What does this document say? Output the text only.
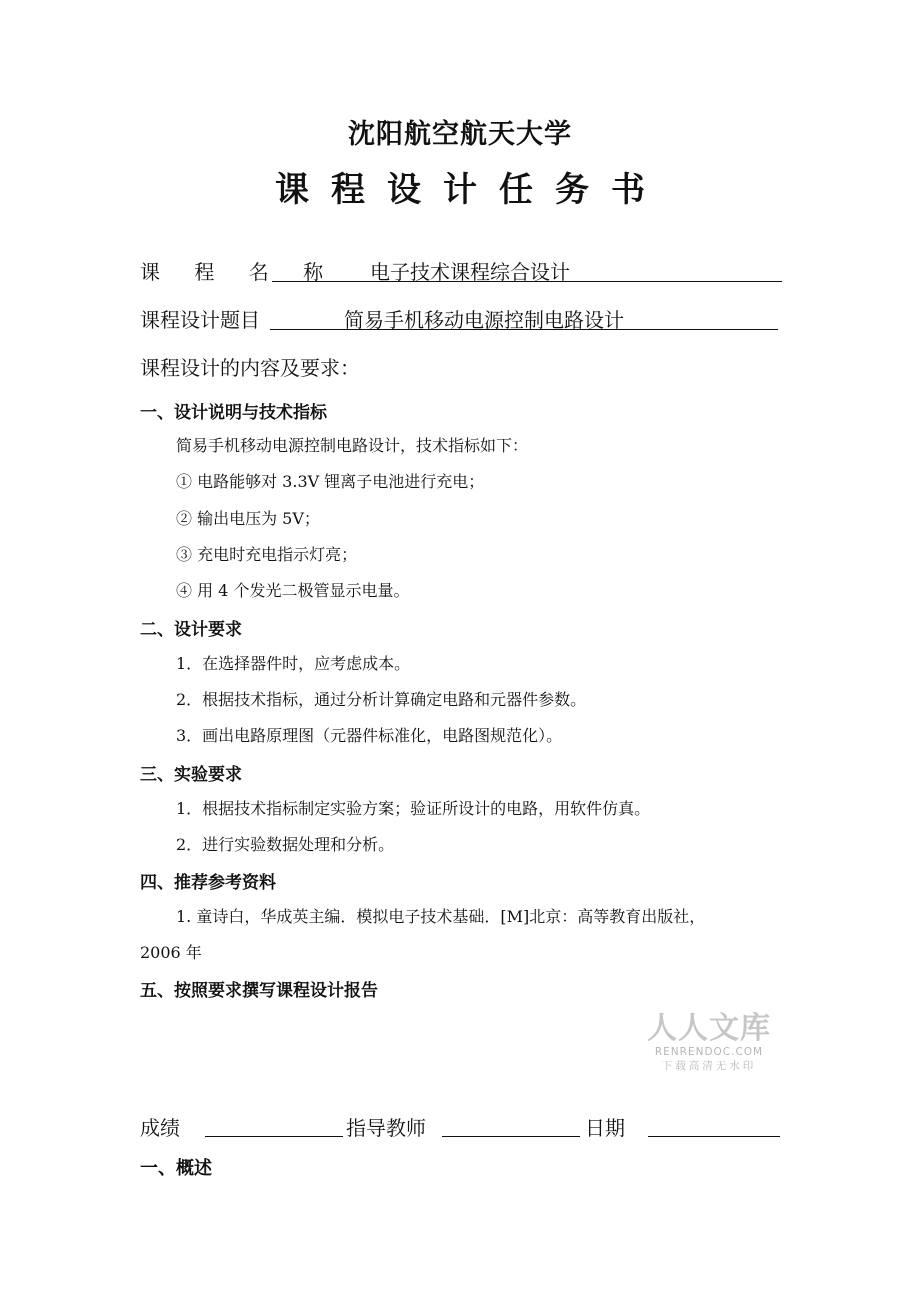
沈阳航空航天大学
课程设计任务书
课 程 名 称	电子技术课程综合设计
课程设计题目	简易手机移动电源控制电路设计
课程设计的内容及要求：
一、设计说明与技术指标
简易手机移动电源控制电路设计，技术指标如下：
① 电路能够对 3.3V 锂离子电池进行充电；
② 输出电压为 5V；
③ 充电时充电指示灯亮；
④ 用 4 个发光二极管显示电量。
二、设计要求
1．在选择器件时，应考虑成本。
2．根据技术指标，通过分析计算确定电路和元器件参数。
3．画出电路原理图（元器件标准化，电路图规范化）。
三、实验要求
1．根据技术指标制定实验方案；验证所设计的电路，用软件仿真。
2．进行实验数据处理和分析。
四、推荐参考资料
1. 童诗白，华成英主编．模拟电子技术基础．[M]北京：高等教育出版社，
2006 年
五、按照要求撰写课程设计报告
人人文库
RENRENDOC.COM
下载高清无水印
成绩	指导教师	日期
一、概述
